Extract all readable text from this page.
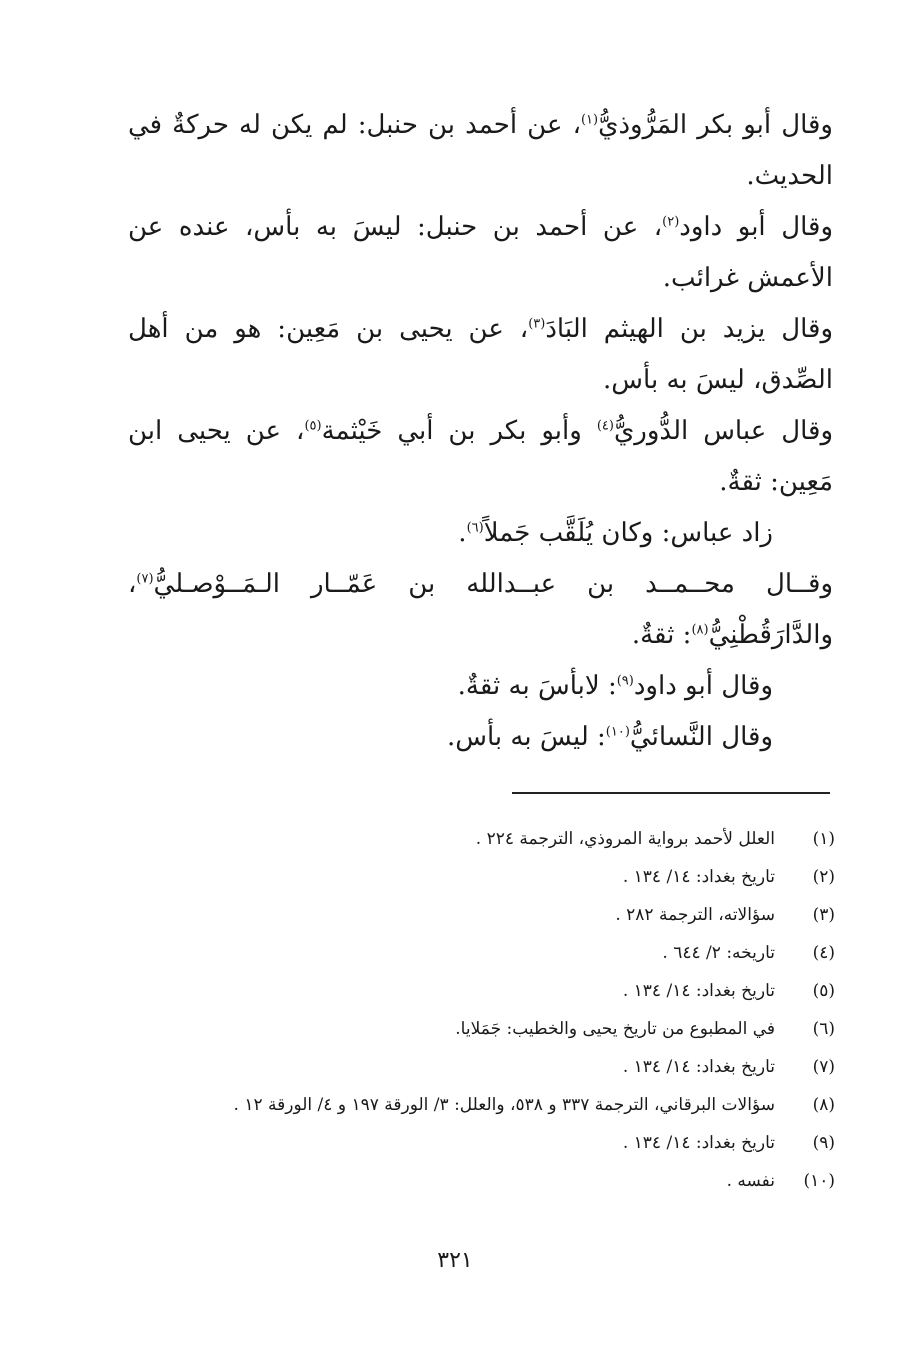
وقال أبو بكر المَرُّوذيُّ$^{(١)}$، عن أحمد بن حنبل: لم يكن له حركةٌ في الحديث.

وقال أبو داود$^{(٢)}$، عن أحمد بن حنبل: ليسَ به بأس، عنده عن الأعمش غرائب.

وقال يزيد بن الهيثم البَادَ$^{(٣)}$، عن يحيى بن مَعِين: هو من أهل الصِّدق، ليسَ به بأس.

وقال عباس الدُّوريُّ$^{(٤)}$ وأبو بكر بن أبي خَيْثمة$^{(٥)}$، عن يحيى ابن مَعِين: ثقةٌ.

زاد عباس: وكان يُلَقَّب جَملاً$^{(٦)}$.

وقــال محــمــد بن عبــدالله بن عَمّــار الـمَــوْصـليُّ$^{(٧)}$، والدَّارَقُطْنِيُّ$^{(٨)}$: ثقةٌ.

وقال أبو داود$^{(٩)}$: لابأسَ به ثقةٌ.

وقال النَّسائيُّ$^{(١٠)}$: ليسَ به بأس.

(١)
العلل لأحمد برواية المروذي، الترجمة ٢٢٤ .
(٢)
تاريخ بغداد: ١٤/ ١٣٤ .
(٣)
سؤالاته، الترجمة ٢٨٢ .
(٤)
تاريخه: ٢/ ٦٤٤ .
(٥)
تاريخ بغداد: ١٤/ ١٣٤ .
(٦)
في المطبوع من تاريخ يحيى والخطيب: جَمَلايا.
(٧)
تاريخ بغداد: ١٤/ ١٣٤ .
(٨)
سؤالات البرقاني، الترجمة ٣٣٧ و ٥٣٨، والعلل: ٣/ الورقة ١٩٧ و ٤/ الورقة ١٢ .
(٩)
تاريخ بغداد: ١٤/ ١٣٤ .
(١٠)
نفسه .
٣٢١
